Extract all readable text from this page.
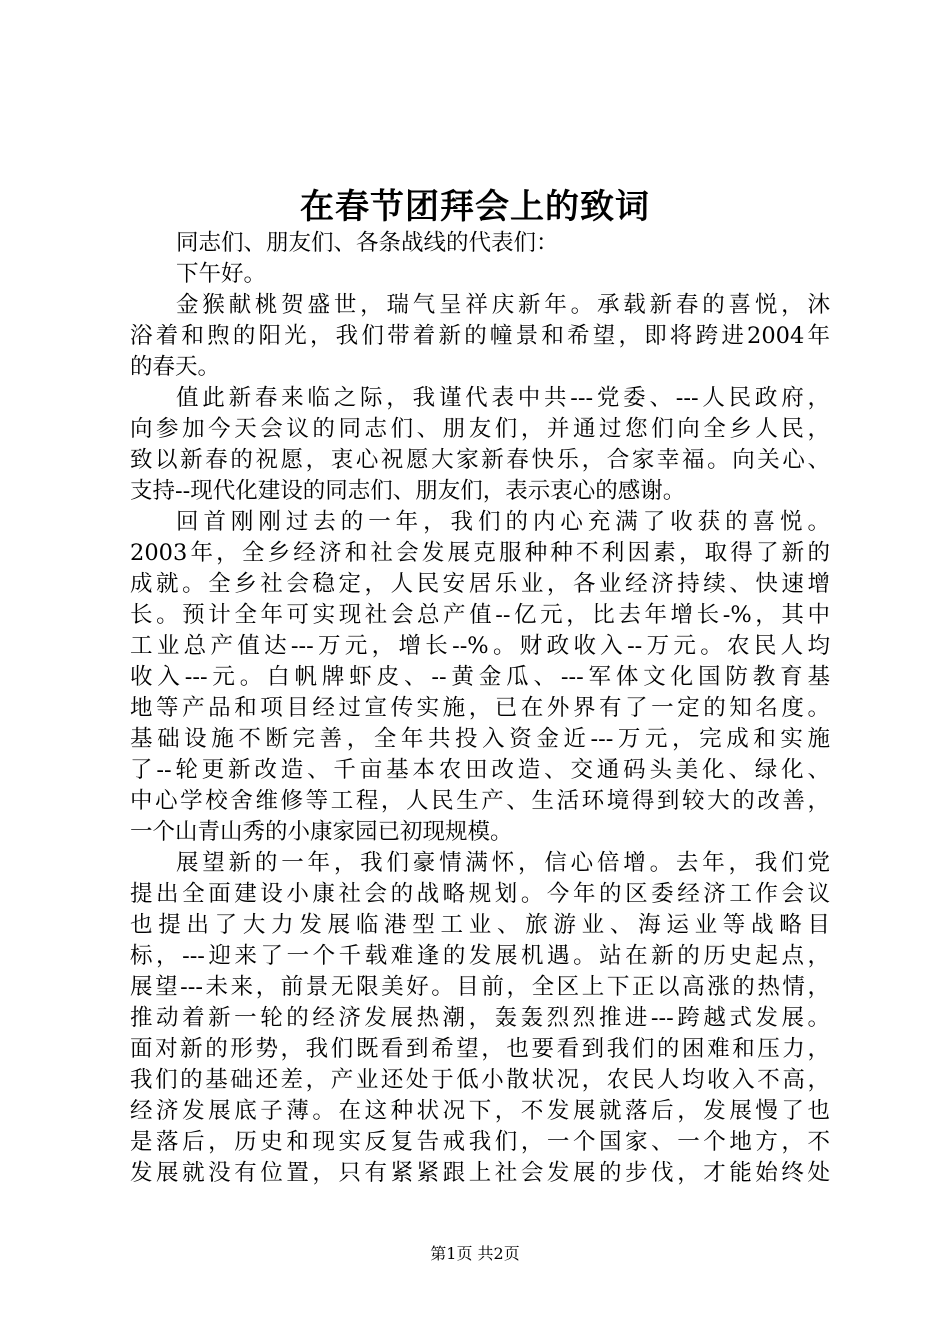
在春节团拜会上的致词
同志们、朋友们、各条战线的代表们：
下午好。
金猴献桃贺盛世，瑞气呈祥庆新年。承载新春的喜悦，沐
浴着和煦的阳光，我们带着新的幢景和希望，即将跨进2004年
的春天。
值此新春来临之际，我谨代表中共---党委、---人民政府，
向参加今天会议的同志们、朋友们，并通过您们向全乡人民，
致以新春的祝愿，衷心祝愿大家新春快乐，合家幸福。向关心、
支持--现代化建设的同志们、朋友们，表示衷心的感谢。
回首刚刚过去的一年，我们的内心充满了收获的喜悦。
2003年，全乡经济和社会发展克服种种不利因素，取得了新的
成就。全乡社会稳定，人民安居乐业，各业经济持续、快速增
长。预计全年可实现社会总产值--亿元，比去年增长-%，其中
工业总产值达---万元，增长--%。财政收入--万元。农民人均
收入---元。白帆牌虾皮、--黄金瓜、---军体文化国防教育基
地等产品和项目经过宣传实施，已在外界有了一定的知名度。
基础设施不断完善，全年共投入资金近---万元，完成和实施
了--轮更新改造、千亩基本农田改造、交通码头美化、绿化、
中心学校舍维修等工程，人民生产、生活环境得到较大的改善，
一个山青山秀的小康家园已初现规模。
展望新的一年，我们豪情满怀，信心倍增。去年，我们党
提出全面建设小康社会的战略规划。今年的区委经济工作会议
也提出了大力发展临港型工业、旅游业、海运业等战略目
标，---迎来了一个千载难逢的发展机遇。站在新的历史起点，
展望---未来，前景无限美好。目前，全区上下正以高涨的热情，
推动着新一轮的经济发展热潮，轰轰烈烈推进---跨越式发展。
面对新的形势，我们既看到希望，也要看到我们的困难和压力，
我们的基础还差，产业还处于低小散状况，农民人均收入不高，
经济发展底子薄。在这种状况下，不发展就落后，发展慢了也
是落后，历史和现实反复告戒我们，一个国家、一个地方，不
发展就没有位置，只有紧紧跟上社会发展的步伐，才能始终处
第1页 共2页
